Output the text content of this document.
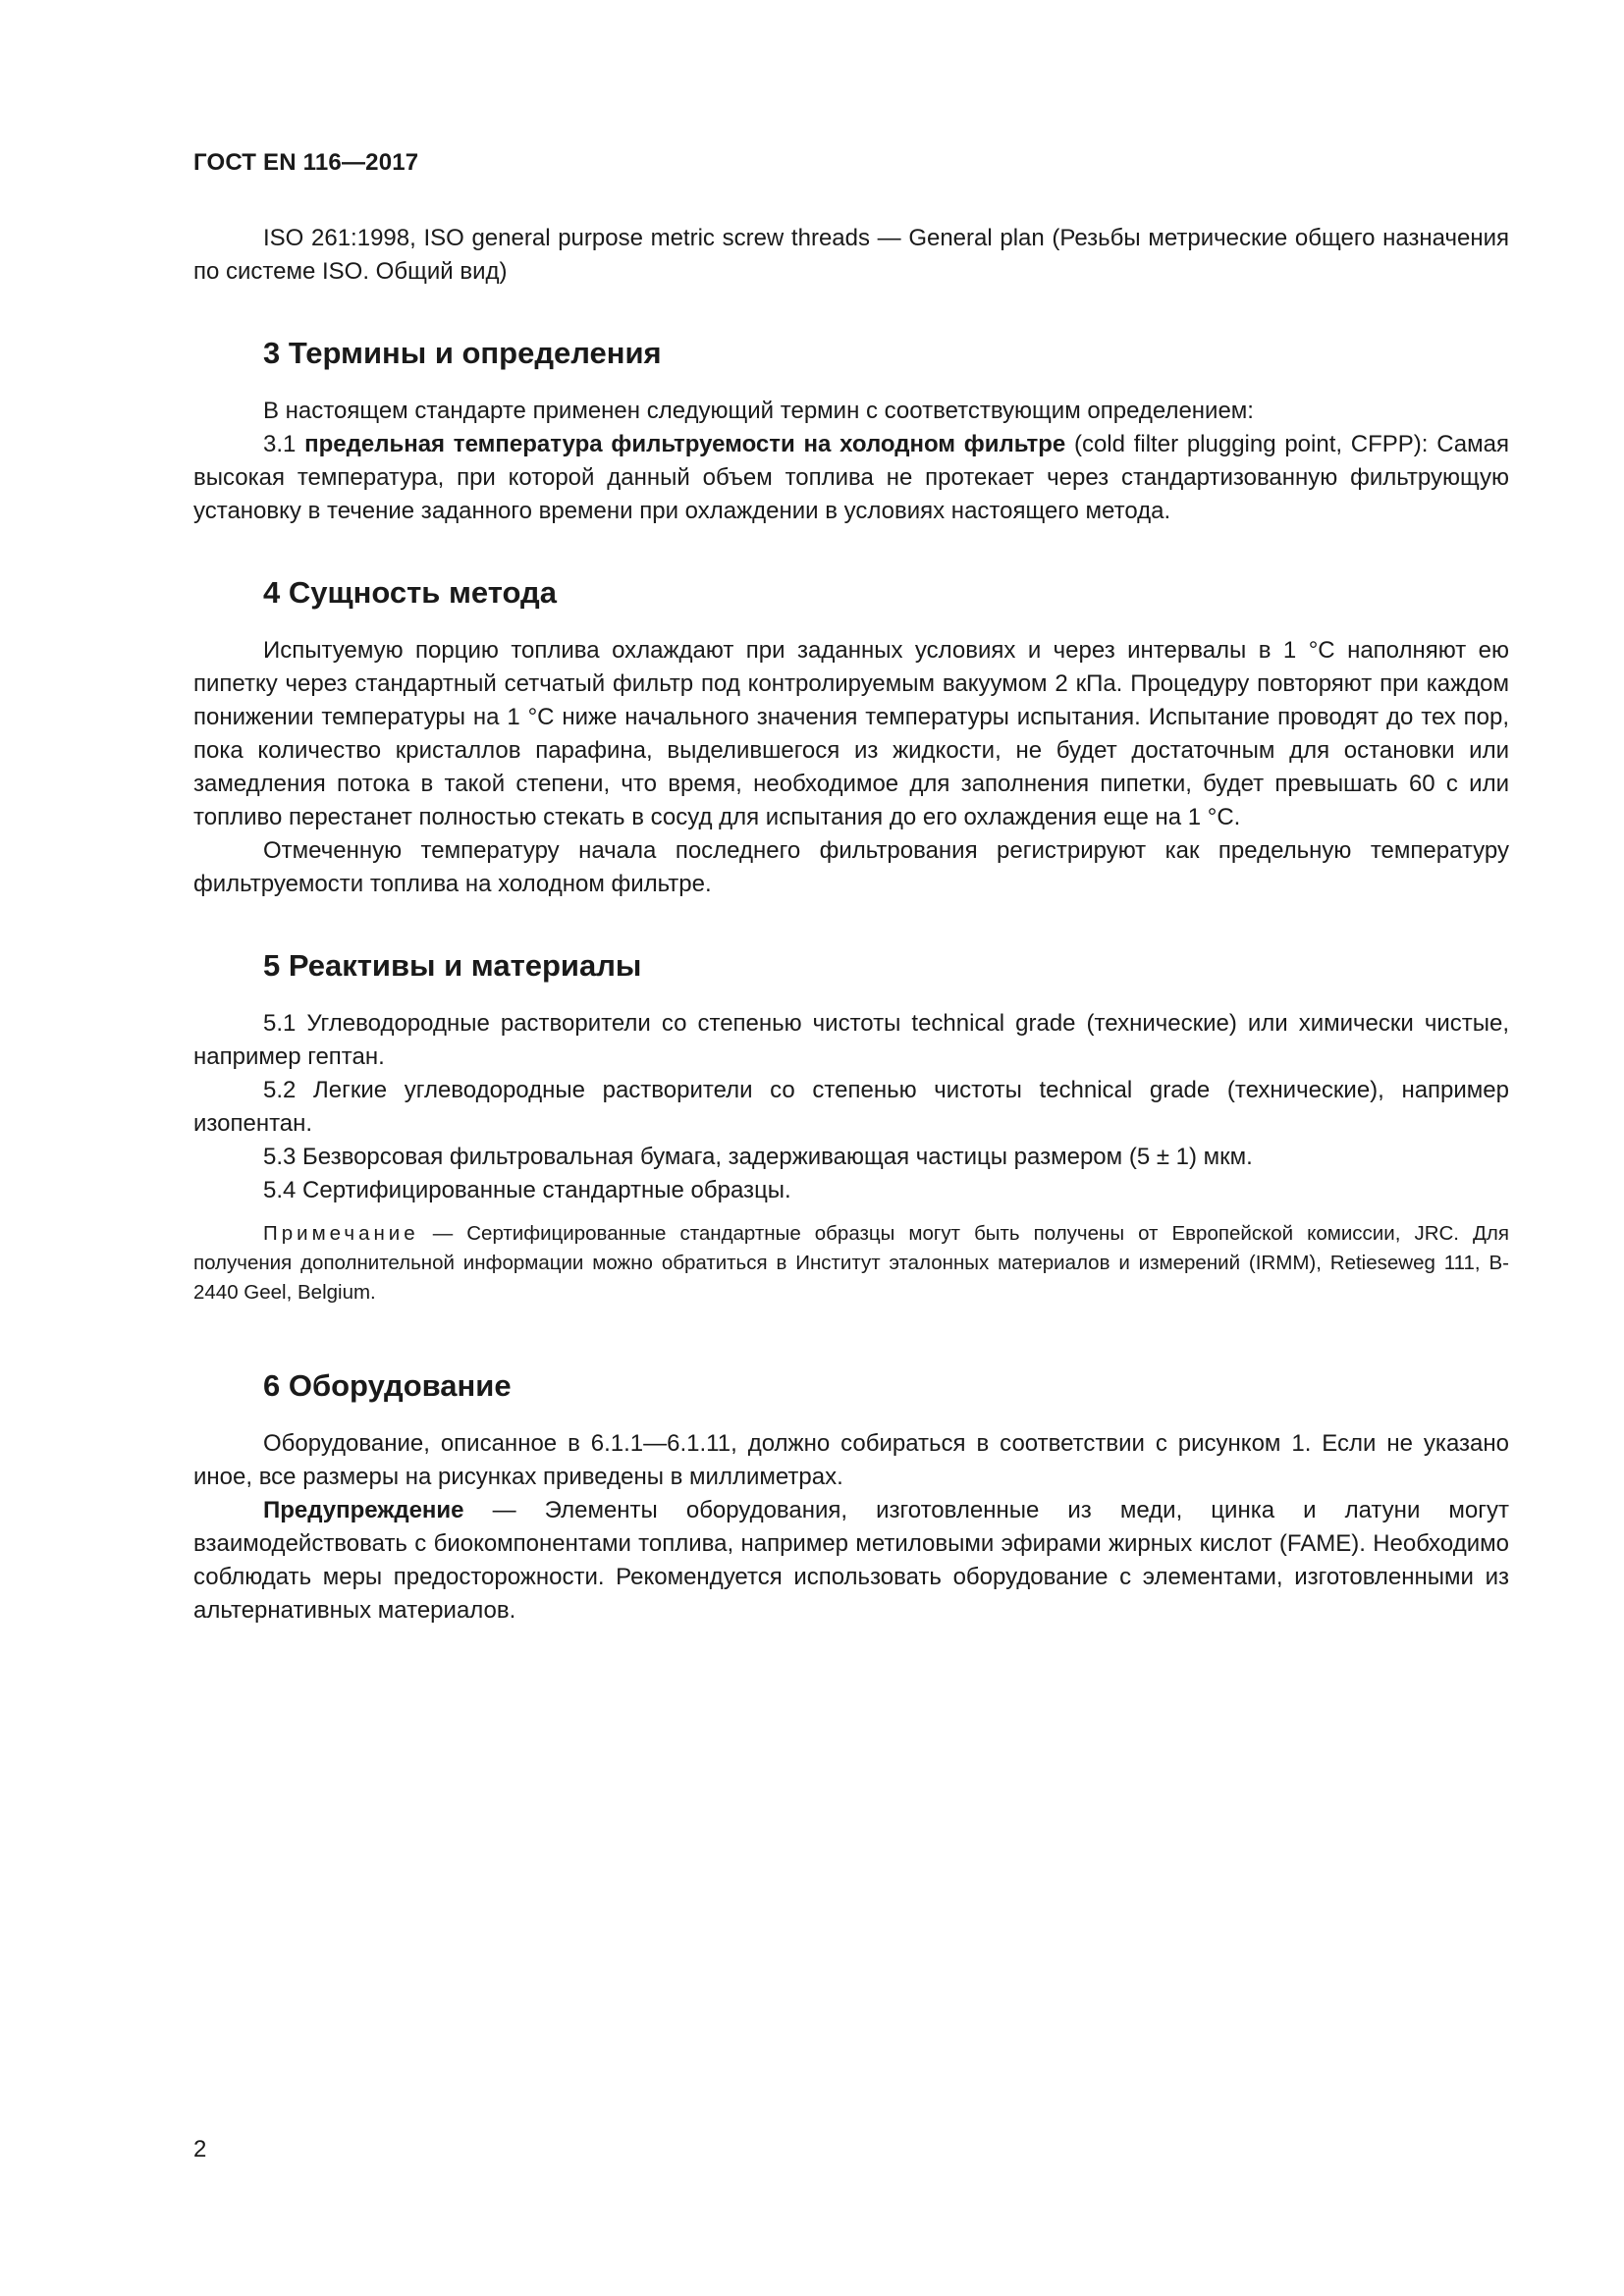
ГОСТ EN 116—2017

ISO 261:1998, ISO general purpose metric screw threads — General plan (Резьбы метрические общего назначения по системе ISO. Общий вид)

3 Термины и определения

В настоящем стандарте применен следующий термин с соответствующим определением:

3.1 предельная температура фильтруемости на холодном фильтре (cold filter plugging point, CFPP): Самая высокая температура, при которой данный объем топлива не протекает через стандартизованную фильтрующую установку в течение заданного времени при охлаждении в условиях настоящего метода.

4 Сущность метода

Испытуемую порцию топлива охлаждают при заданных условиях и через интервалы в 1 °С наполняют ею пипетку через стандартный сетчатый фильтр под контролируемым вакуумом 2 кПа. Процедуру повторяют при каждом понижении температуры на 1 °С ниже начального значения температуры испытания. Испытание проводят до тех пор, пока количество кристаллов парафина, выделившегося из жидкости, не будет достаточным для остановки или замедления потока в такой степени, что время, необходимое для заполнения пипетки, будет превышать 60 с или топливо перестанет полностью стекать в сосуд для испытания до его охлаждения еще на 1 °С.

Отмеченную температуру начала последнего фильтрования регистрируют как предельную температуру фильтруемости топлива на холодном фильтре.

5 Реактивы и материалы

5.1 Углеводородные растворители со степенью чистоты technical grade (технические) или химически чистые, например гептан.

5.2 Легкие углеводородные растворители со степенью чистоты technical grade (технические), например изопентан.

5.3 Безворсовая фильтровальная бумага, задерживающая частицы размером (5 ± 1) мкм.

5.4 Сертифицированные стандартные образцы.

Примечание — Сертифицированные стандартные образцы могут быть получены от Европейской комиссии, JRC. Для получения дополнительной информации можно обратиться в Институт эталонных материалов и измерений (IRMM), Retieseweg 111, B-2440 Geel, Belgium.

6 Оборудование

Оборудование, описанное в 6.1.1—6.1.11, должно собираться в соответствии с рисунком 1. Если не указано иное, все размеры на рисунках приведены в миллиметрах.

Предупреждение — Элементы оборудования, изготовленные из меди, цинка и латуни могут взаимодействовать с биокомпонентами топлива, например метиловыми эфирами жирных кислот (FAME). Необходимо соблюдать меры предосторожности. Рекомендуется использовать оборудование с элементами, изготовленными из альтернативных материалов.

2
